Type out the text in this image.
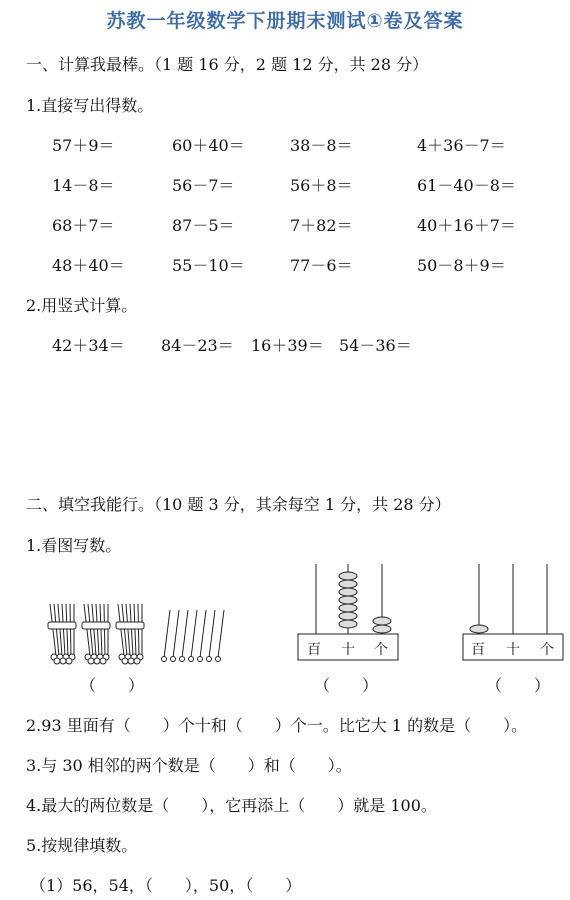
苏教一年级数学下册期末测试①卷及答案
一、计算我最棒。（1 题 16 分，2 题 12 分，共 28 分）
1.直接写出得数。
57＋9＝	60＋40＝	38－8＝	4＋36－7＝
14－8＝	56－7＝	56＋8＝	61－40－8＝
68＋7＝	87－5＝	7＋82＝	40＋16＋7＝
48＋40＝	55－10＝	77－6＝	50－8＋9＝
2.用竖式计算。
42＋34＝ 84－23＝ 16＋39＝ 54－36＝
二、填空我能行。（10 题 3 分，其余每空 1 分，共 28 分）
1.看图写数。
百 十 个	百 十 个
（　　）	（　　）	（　　）
2.93 里面有（　　）个十和（　　）个一。比它大 1 的数是（　　）。
3.与 30 相邻的两个数是（　　）和（　　）。
4.最大的两位数是（　　），它再添上（　　）就是 100。
5.按规律填数。
（1）56，54，（　　），50，（　　）
